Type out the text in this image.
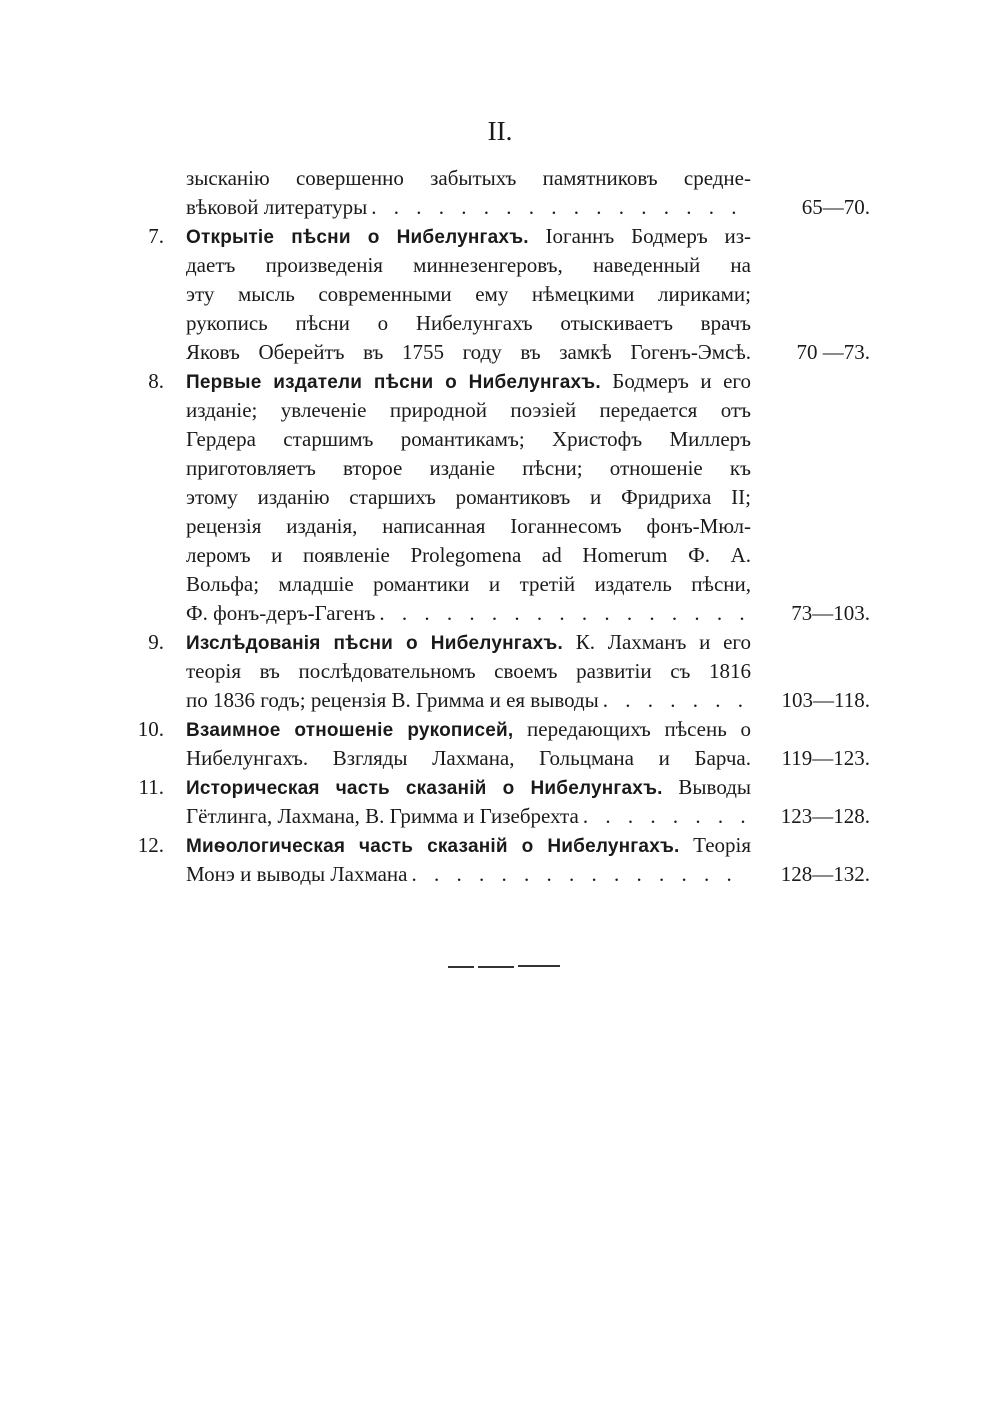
II.
зысканію совершенно забытыхъ памятниковъ средне-
вѣковой литературы . . .	65—70.
7. Открытіе пѣсни о Нибелунгахъ. Іоганнъ Бодмеръ из-
даетъ произведенія миннезенгеровъ, наведенный на
эту мысль современными ему нѣмецкими лириками;
рукопись пѣсни о Нибелунгахъ отыскиваетъ врачъ
Яковъ Оберейтъ въ 1755 году въ замкѣ Гогенъ-Эмсѣ.	70 —73.
8. Первые издатели пѣсни о Нибелунгахъ. Бодмеръ и его
изданіе; увлеченіе природной поэзіей передается отъ
Гердера старшимъ романтикамъ; Христофъ Миллеръ
приготовляетъ второе изданіе пѣсни; отношеніе къ
этому изданію старшихъ романтиковъ и Фридриха II;
рецензія изданія, написанная Іоганнесомъ фонъ-Мюл-
леромъ и появленіе Prolegomena ad Homerum Ф. А.
Вольфа; младшіе романтики и третій издатель пѣсни,
Ф. фонъ-деръ-Гагенъ . . .	73—103.
9. Изслѣдованія пѣсни о Нибелунгахъ. К. Лахманъ и его
теорія въ послѣдовательномъ своемъ развитіи съ 1816
по 1836 годъ; рецензія В. Гримма и ея выводы . . .	103—118.
10. Взаимное отношеніе рукописей, передающихъ пѣсень о
Нибелунгахъ. Взгляды Лахмана, Гольцмана и Барча.	119—123.
11. Историческая часть сказаній о Нибелунгахъ. Выводы
Гётлинга, Лахмана, В. Гримма и Гизебрехта . . .	123—128.
12. Миѳологическая часть сказаній о Нибелунгахъ. Теорія
Монэ и выводы Лахмана . . .	128—132.
